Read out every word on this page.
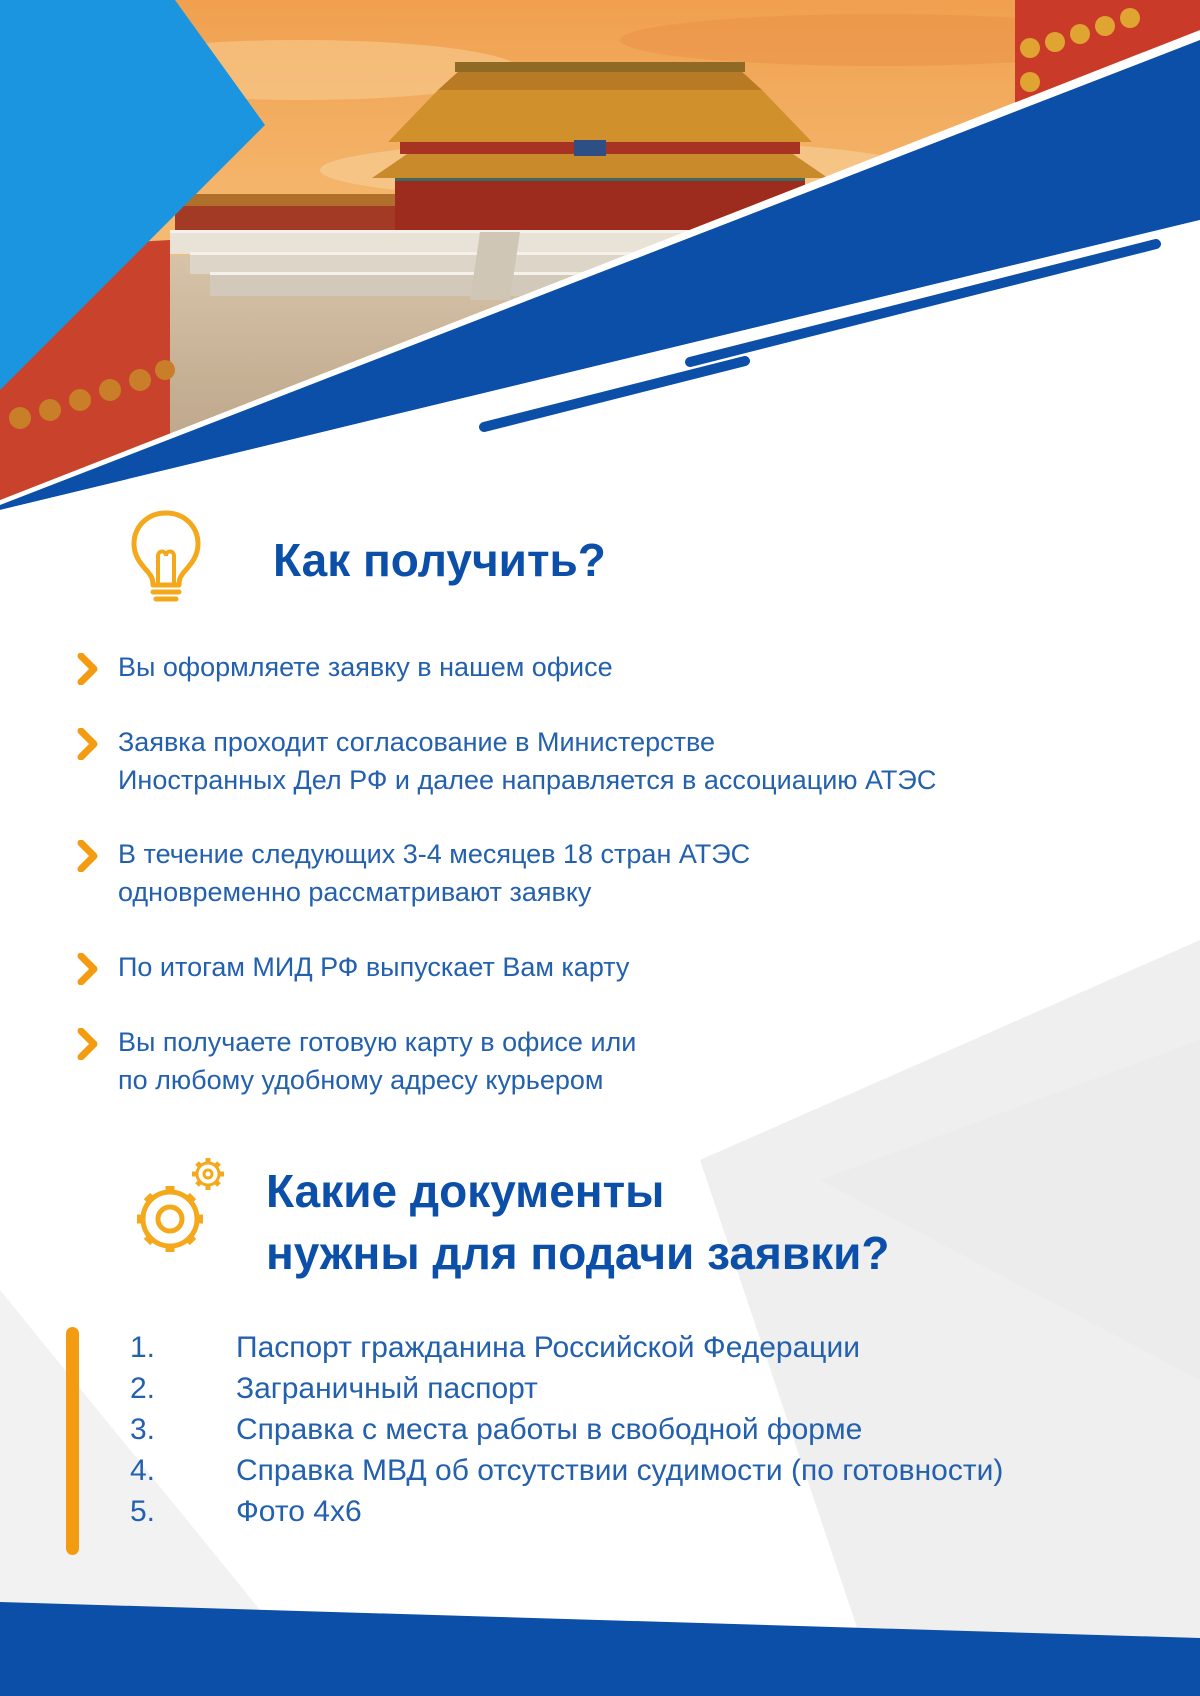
Как получить?
Вы оформляете заявку в нашем офисе
Заявка проходит согласование в Министерстве
Иностранных Дел РФ и далее направляется в ассоциацию АТЭС
В течение следующих 3-4 месяцев 18 стран АТЭС
одновременно рассматривают заявку
По итогам МИД РФ выпускает Вам карту
Вы получаете готовую карту в офисе или
по любому удобному адресу курьером
Какие документы
нужны для подачи заявки?
1.	Паспорт гражданина Российской Федерации
2.	Заграничный паспорт
3.	Справка с места работы в свободной форме
4.	Справка МВД об отсутствии судимости (по готовности)
5.	Фото 4х6
